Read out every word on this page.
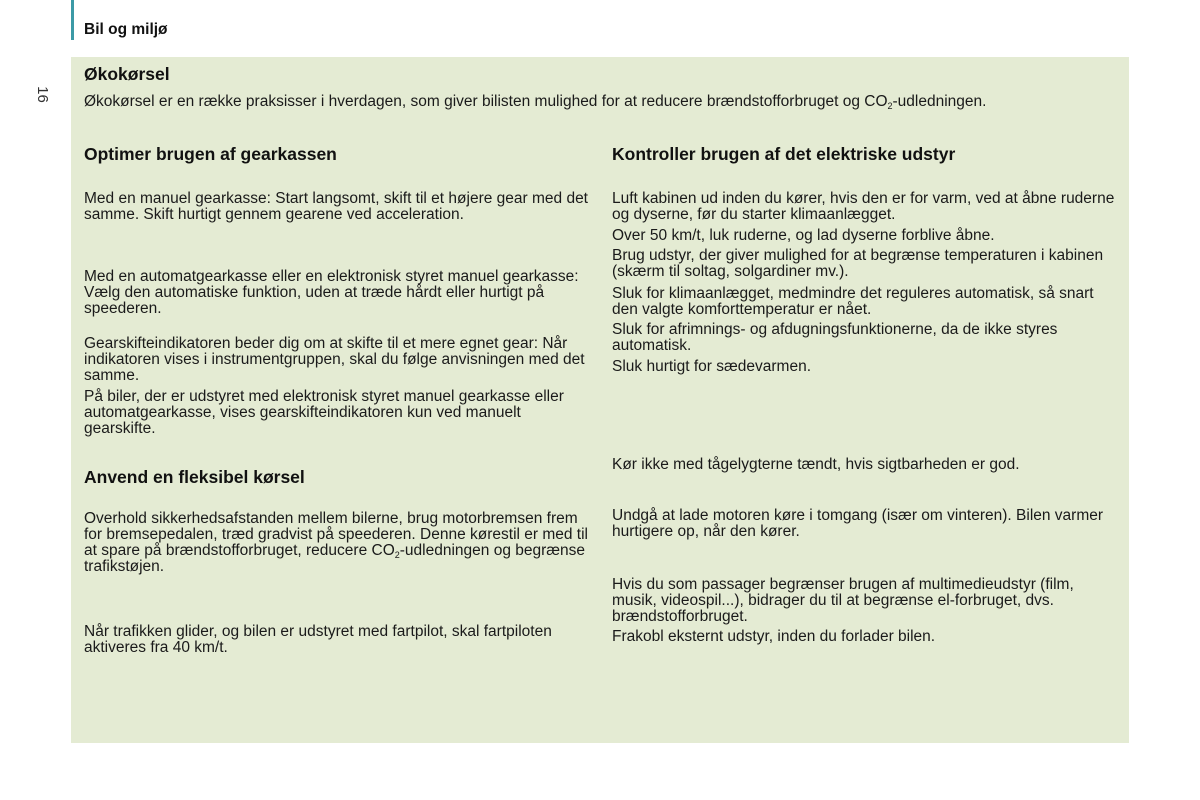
Bil og miljø
16
Økokørsel
Økokørsel er en række praksisser i hverdagen, som giver bilisten mulighed for at reducere brændstofforbruget og $CO_2$-udledningen.
Optimer brugen af gearkassen
Med en manuel gearkasse: Start langsomt, skift til et højere gear med det samme. Skift hurtigt gennem gearene ved acceleration.
Med en automatgearkasse eller en elektronisk styret manuel gearkasse: Vælg den automatiske funktion, uden at træde hårdt eller hurtigt på speederen.
Gearskifteindikatoren beder dig om at skifte til et mere egnet gear: Når indikatoren vises i instrumentgruppen, skal du følge anvisningen med det samme.
På biler, der er udstyret med elektronisk styret manuel gearkasse eller automatgearkasse, vises gearskifteindikatoren kun ved manuelt gearskifte.
Anvend en fleksibel kørsel
Overhold sikkerhedsafstanden mellem bilerne, brug motorbremsen frem for bremsepedalen, træd gradvist på speederen. Denne kørestil er med til at spare på brændstofforbruget, reducere $CO_2$-udledningen og begrænse trafikstøjen.
Når trafikken glider, og bilen er udstyret med fartpilot, skal fartpiloten aktiveres fra 40 km/t.
Kontroller brugen af det elektriske udstyr
Luft kabinen ud inden du kører, hvis den er for varm, ved at åbne ruderne og dyserne, før du starter klimaanlægget.
Over 50 km/t, luk ruderne, og lad dyserne forblive åbne.
Brug udstyr, der giver mulighed for at begrænse temperaturen i kabinen (skærm til soltag, solgardiner mv.).
Sluk for klimaanlægget, medmindre det reguleres automatisk, så snart den valgte komforttemperatur er nået.
Sluk for afrimnings- og afdugningsfunktionerne, da de ikke styres automatisk.
Sluk hurtigt for sædevarmen.
Kør ikke med tågelygterne tændt, hvis sigtbarheden er god.
Undgå at lade motoren køre i tomgang (især om vinteren). Bilen varmer hurtigere op, når den kører.
Hvis du som passager begrænser brugen af multimedieudstyr (film, musik, videospil...), bidrager du til at begrænse el-forbruget, dvs. brændstofforbruget.
Frakobl eksternt udstyr, inden du forlader bilen.
